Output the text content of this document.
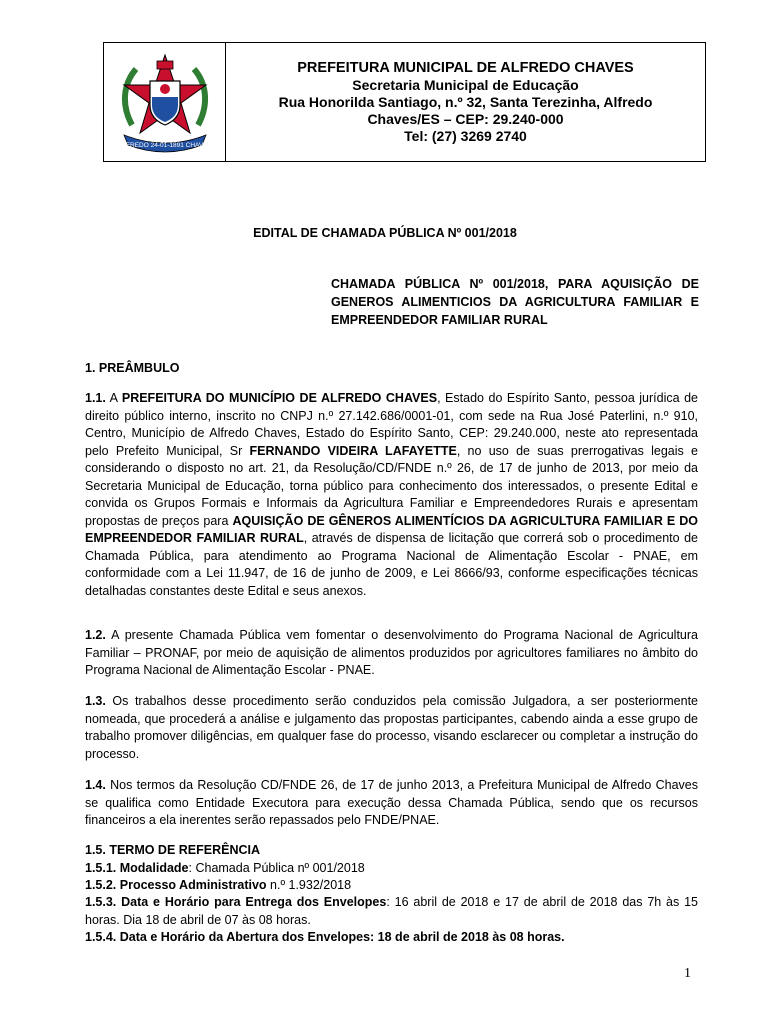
ALFREDO 24-01-1891 CHAVES
PREFEITURA MUNICIPAL DE ALFREDO CHAVES
Secretaria Municipal de Educação
Rua Honorilda Santiago, n.º 32, Santa Terezinha, Alfredo
Chaves/ES – CEP: 29.240-000
Tel: (27) 3269 2740
EDITAL DE CHAMADA PÚBLICA Nº 001/2018
CHAMADA PÚBLICA Nº 001/2018, PARA AQUISIÇÃO DE GENEROS ALIMENTICIOS DA AGRICULTURA FAMILIAR E EMPREENDEDOR FAMILIAR RURAL
1. PREÂMBULO
1.1. A PREFEITURA DO MUNICÍPIO DE ALFREDO CHAVES, Estado do Espírito Santo, pessoa jurídica de direito público interno, inscrito no CNPJ n.º 27.142.686/0001-01, com sede na Rua José Paterlini, n.º 910, Centro, Município de Alfredo Chaves, Estado do Espírito Santo, CEP: 29.240.000, neste ato representada pelo Prefeito Municipal, Sr FERNANDO VIDEIRA LAFAYETTE, no uso de suas prerrogativas legais e considerando o disposto no art. 21, da Resolução/CD/FNDE n.º 26, de 17 de junho de 2013, por meio da Secretaria Municipal de Educação, torna público para conhecimento dos interessados, o presente Edital e convida os Grupos Formais e Informais da Agricultura Familiar e Empreendedores Rurais e apresentam propostas de preços para AQUISIÇÃO DE GÊNEROS ALIMENTÍCIOS DA AGRICULTURA FAMILIAR E DO EMPREENDEDOR FAMILIAR RURAL, através de dispensa de licitação que correrá sob o procedimento de Chamada Pública, para atendimento ao Programa Nacional de Alimentação Escolar - PNAE, em conformidade com a Lei 11.947, de 16 de junho de 2009, e Lei 8666/93, conforme especificações técnicas detalhadas constantes deste Edital e seus anexos.
1.2. A presente Chamada Pública vem fomentar o desenvolvimento do Programa Nacional de Agricultura Familiar – PRONAF, por meio de aquisição de alimentos produzidos por agricultores familiares no âmbito do Programa Nacional de Alimentação Escolar - PNAE.
1.3. Os trabalhos desse procedimento serão conduzidos pela comissão Julgadora, a ser posteriormente nomeada, que procederá a análise e julgamento das propostas participantes, cabendo ainda a esse grupo de trabalho promover diligências, em qualquer fase do processo, visando esclarecer ou completar a instrução do processo.
1.4. Nos termos da Resolução CD/FNDE 26, de 17 de junho 2013, a Prefeitura Municipal de Alfredo Chaves se qualifica como Entidade Executora para execução dessa Chamada Pública, sendo que os recursos financeiros a ela inerentes serão repassados pelo FNDE/PNAE.
1.5. TERMO DE REFERÊNCIA
1.5.1. Modalidade: Chamada Pública nº 001/2018
1.5.2. Processo Administrativo n.º 1.932/2018
1.5.3. Data e Horário para Entrega dos Envelopes: 16 abril de 2018 e 17 de abril de 2018 das 7h às 15 horas. Dia 18 de abril de 07 às 08 horas.
1.5.4. Data e Horário da Abertura dos Envelopes: 18 de abril de 2018 às 08 horas.
1
